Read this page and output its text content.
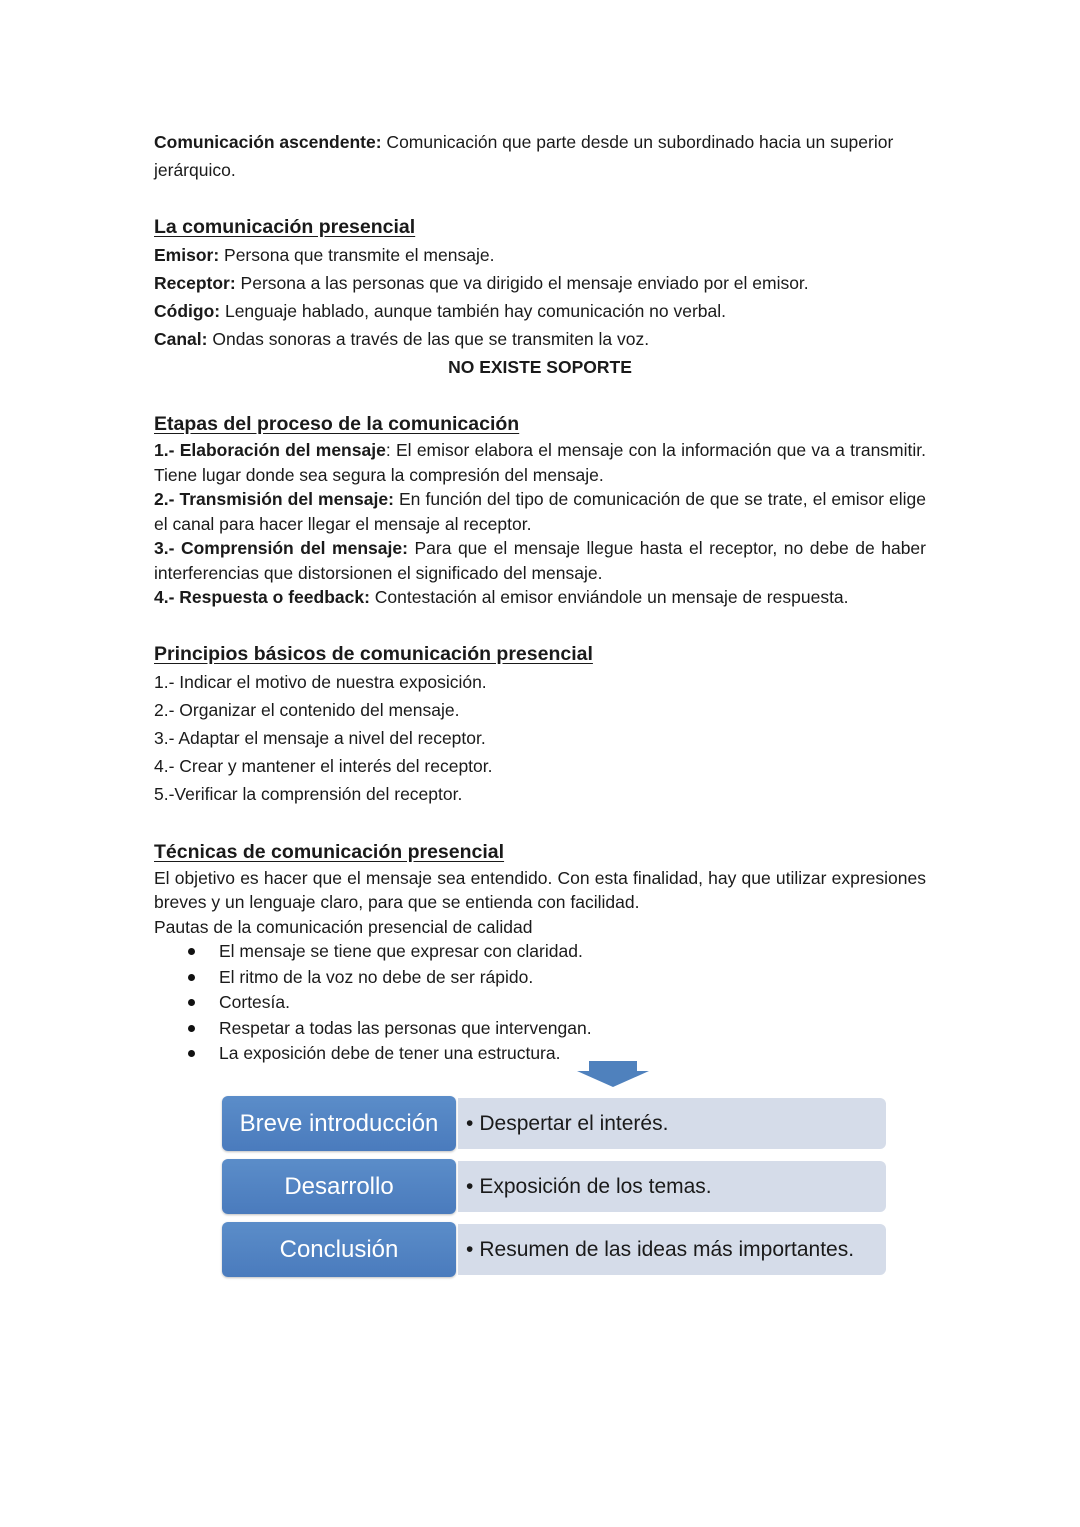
Comunicación ascendente: Comunicación que parte desde un subordinado hacia un superior jerárquico.
La comunicación presencial
Emisor: Persona que transmite el mensaje.
Receptor: Persona a las personas que va dirigido el mensaje enviado por el emisor.
Código: Lenguaje hablado, aunque también hay comunicación no verbal.
Canal: Ondas sonoras a través de las que se transmiten la voz.
NO EXISTE SOPORTE
Etapas del proceso de la comunicación
1.- Elaboración del mensaje: El emisor elabora el mensaje con la información que va a transmitir. Tiene lugar donde sea segura la compresión del mensaje.
2.- Transmisión del mensaje: En función del tipo de comunicación de que se trate, el emisor elige el canal para hacer llegar el mensaje al receptor.
3.- Comprensión del mensaje: Para que el mensaje llegue hasta el receptor, no debe de haber interferencias que distorsionen el significado del mensaje.
4.- Respuesta o feedback: Contestación al emisor enviándole un mensaje de respuesta.
Principios básicos de comunicación presencial
1.- Indicar el motivo de nuestra exposición.
2.- Organizar el contenido del mensaje.
3.- Adaptar el mensaje a nivel del receptor.
4.- Crear y mantener el interés del receptor.
5.-Verificar la comprensión del receptor.
Técnicas de comunicación presencial
El objetivo es hacer que el mensaje sea entendido. Con esta finalidad, hay que utilizar expresiones breves y un lenguaje claro, para que se entienda con facilidad.
Pautas de la comunicación presencial de calidad
El mensaje se tiene que expresar con claridad.
El ritmo de la voz no debe de ser rápido.
Cortesía.
Respetar a todas las personas que intervengan.
La exposición debe de tener una estructura.
Breve introducción	• Despertar el interés.
Desarrollo	• Exposición de los temas.
Conclusión	• Resumen de las ideas más importantes.
